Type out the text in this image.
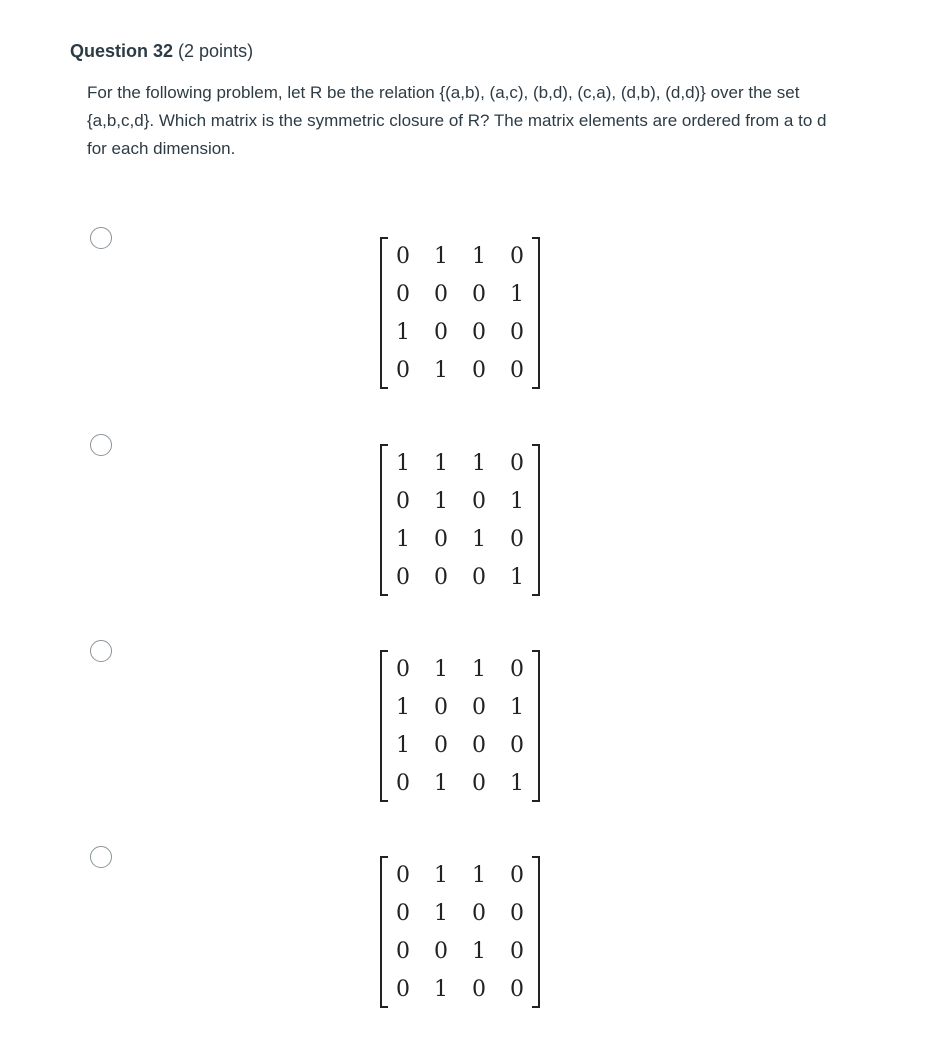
Question 32 (2 points)
For the following problem, let R be the relation {(a,b), (a,c), (b,d), (c,a), (d,b), (d,d)} over the set {a,b,c,d}. Which matrix is the symmetric closure of R? The matrix elements are ordered from a to d for each dimension.
0	1	1	0
0	0	0	1
1	0	0	0
0	1	0	0
1	1	1	0
0	1	0	1
1	0	1	0
0	0	0	1
0	1	1	0
1	0	0	1
1	0	0	0
0	1	0	1
0	1	1	0
0	1	0	0
0	0	1	0
0	1	0	0
